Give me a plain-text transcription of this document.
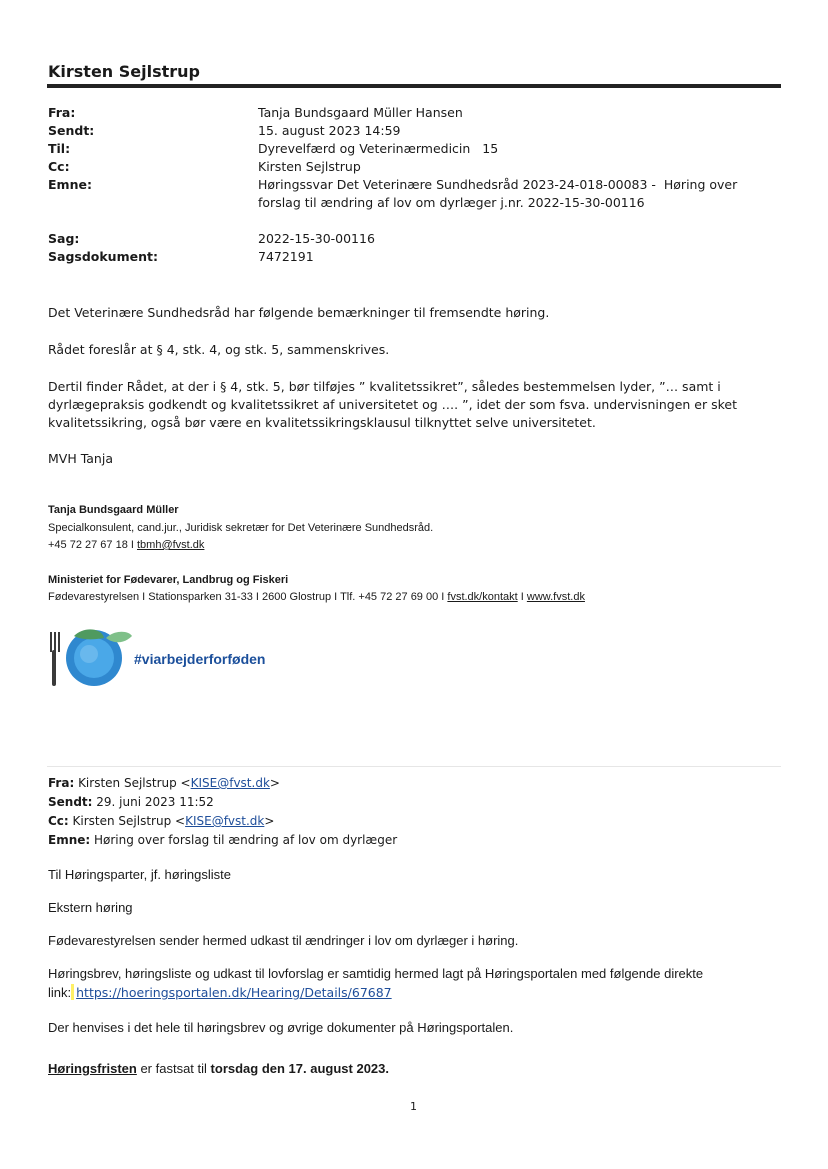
Kirsten Sejlstrup
Fra:	Tanja Bundsgaard Müller Hansen
Sendt:	15. august 2023 14:59
Til:	Dyrevelfærd og Veterinærmedicin   15
Cc:	Kirsten Sejlstrup
Emne:	Høringssvar Det Veterinære Sundhedsråd 2023-24-018-00083 -  Høring over
forslag til ændring af lov om dyrlæger j.nr. 2022-15-30-00116
Sag:	2022-15-30-00116
Sagsdokument:	7472191
Det Veterinære Sundhedsråd har følgende bemærkninger til fremsendte høring.
Rådet foreslår at § 4, stk. 4, og stk. 5, sammenskrives.
Dertil finder Rådet, at der i § 4, stk. 5, bør tilføjes ” kvalitetssikret”, således bestemmelsen lyder, ”… samt i
dyrlægepraksis godkendt og kvalitetssikret af universitetet og …. ”, idet der som fsva. undervisningen er sket
kvalitetssikring, også bør være en kvalitetssikringsklausul tilknyttet selve universitetet.
MVH Tanja
Tanja Bundsgaard Müller
Specialkonsulent, cand.jur., Juridisk sekretær for Det Veterinære Sundhedsråd.
+45 72 27 67 18 I tbmh@fvst.dk
Ministeriet for Fødevarer, Landbrug og Fiskeri
Fødevarestyrelsen I Stationsparken 31-33 I 2600 Glostrup I Tlf. +45 72 27 69 00 I fvst.dk/kontakt I www.fvst.dk
#viarbejderforføden
Fra: Kirsten Sejlstrup <KISE@fvst.dk>
Sendt: 29. juni 2023 11:52
Cc: Kirsten Sejlstrup <KISE@fvst.dk>
Emne: Høring over forslag til ændring af lov om dyrlæger
Til Høringsparter, jf. høringsliste
Ekstern høring
Fødevarestyrelsen sender hermed udkast til ændringer i lov om dyrlæger i høring.
Høringsbrev, høringsliste og udkast til lovforslag er samtidig hermed lagt på Høringsportalen med følgende direkte
link: https://hoeringsportalen.dk/Hearing/Details/67687
Der henvises i det hele til høringsbrev og øvrige dokumenter på Høringsportalen.
Høringsfristen er fastsat til torsdag den 17. august 2023.
1
